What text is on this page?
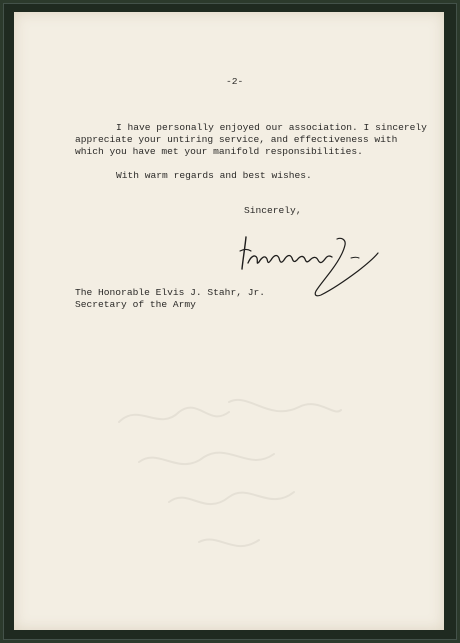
-2-

I have personally enjoyed our association. I sincerely

appreciate your untiring service, and effectiveness with

which you have met your manifold responsibilities.

With warm regards and best wishes.

Sincerely,

The Honorable Elvis J. Stahr, Jr.

Secretary of the Army
